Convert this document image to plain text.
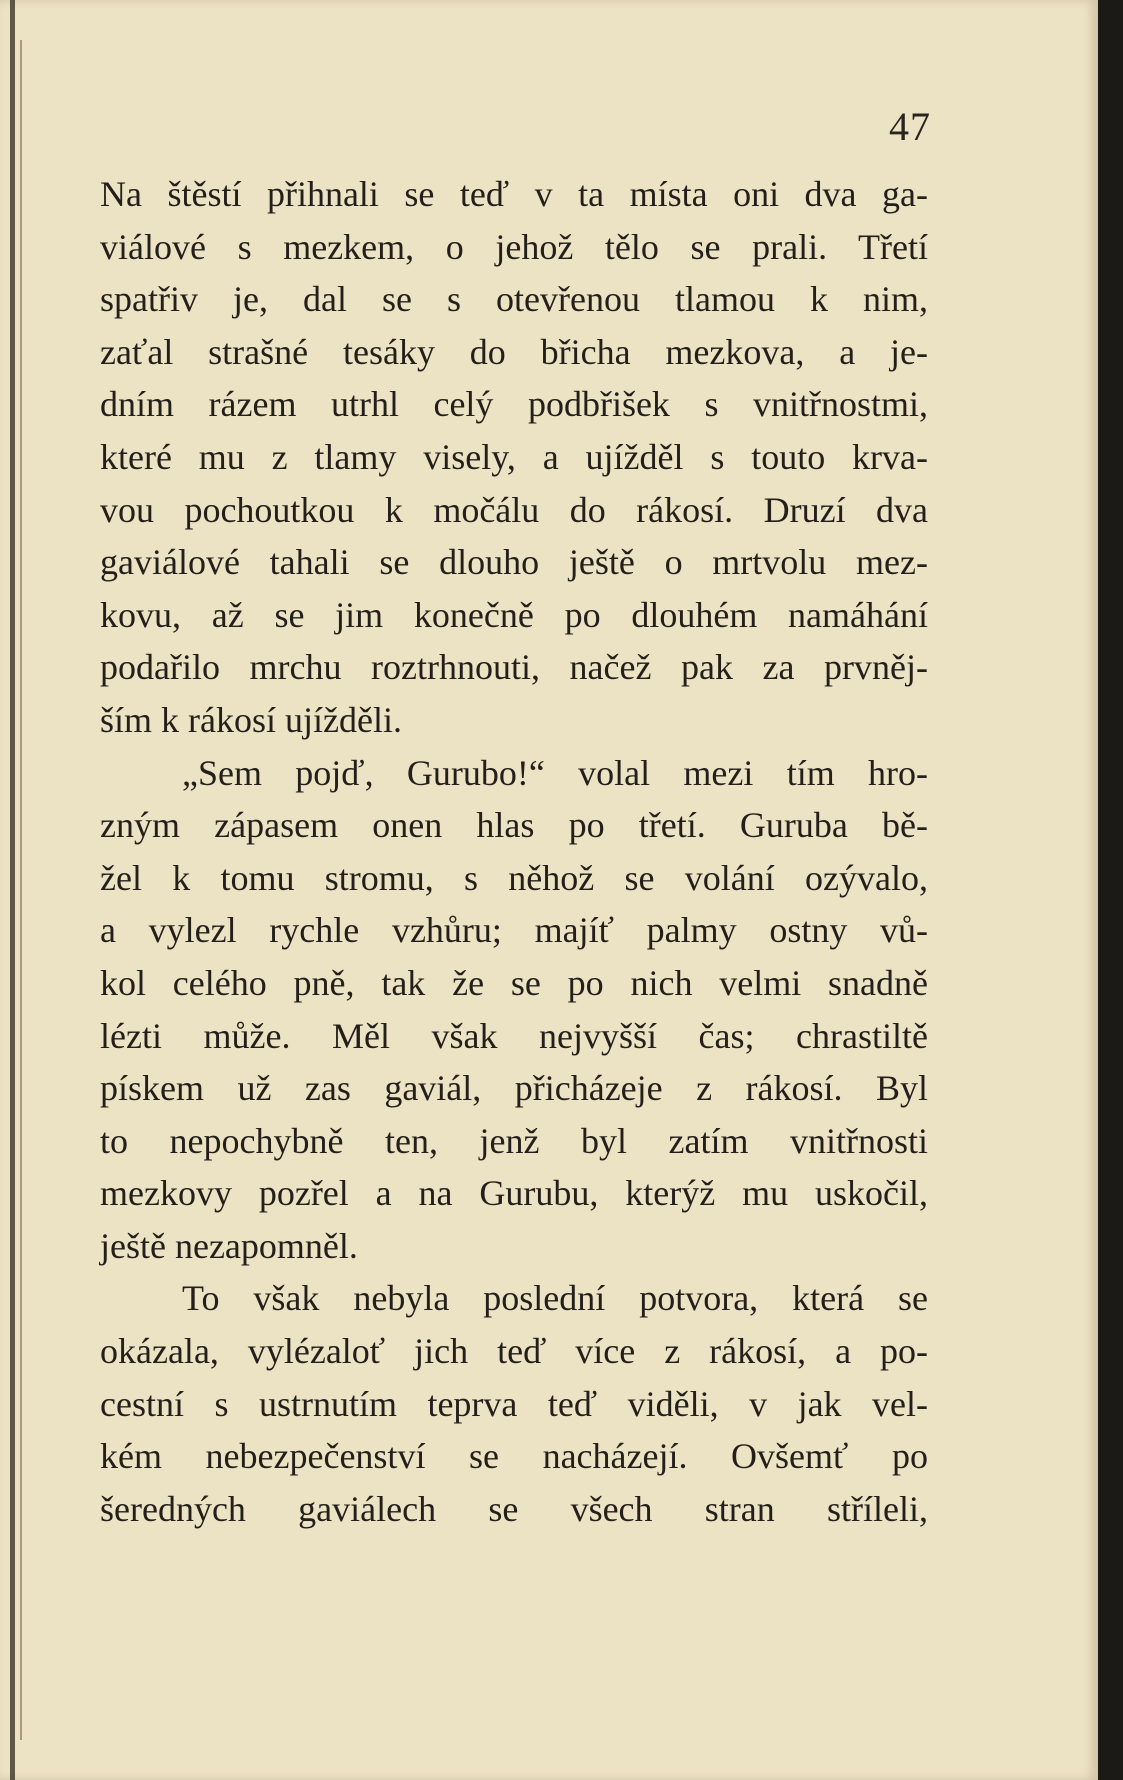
47
Na štěstí přihnali se teď v ta místa oni dva ga-
viálové s mezkem, o jehož tělo se prali. Třetí
spatřiv je, dal se s otevřenou tlamou k nim,
zaťal strašné tesáky do břicha mezkova, a je-
dním rázem utrhl celý podbřišek s vnitřnostmi,
které mu z tlamy visely, a ujížděl s touto krva-
vou pochoutkou k močálu do rákosí. Druzí dva
gaviálové tahali se dlouho ještě o mrtvolu mez-
kovu, až se jim konečně po dlouhém namáhání
podařilo mrchu roztrhnouti, načež pak za prvněj-
ším k rákosí ujížděli.
„Sem pojď, Gurubo!“ volal mezi tím hro-
zným zápasem onen hlas po třetí. Guruba bě-
žel k tomu stromu, s něhož se volání ozývalo,
a vylezl rychle vzhůru; majíť palmy ostny vů-
kol celého pně, tak že se po nich velmi snadně
lézti může. Měl však nejvyšší čas; chrastiltě
pískem už zas gaviál, přicházeje z rákosí. Byl
to nepochybně ten, jenž byl zatím vnitřnosti
mezkovy pozřel a na Gurubu, kterýž mu uskočil,
ještě nezapomněl.
To však nebyla poslední potvora, která se
okázala, vylézaloť jich teď více z rákosí, a po-
cestní s ustrnutím teprva teď viděli, v jak vel-
kém nebezpečenství se nacházejí. Ovšemť po
šeredných gaviálech se všech stran stříleli,
